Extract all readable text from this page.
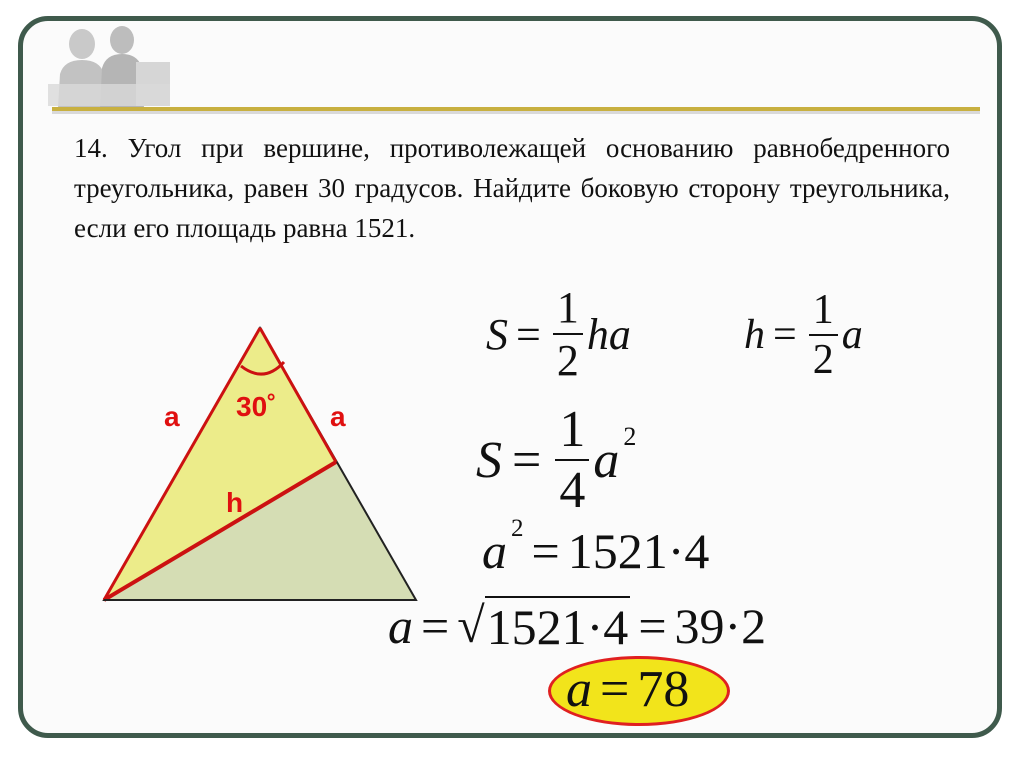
14. Угол при вершине, противолежащей основанию равнобедренного треугольника, равен 30 градусов. Найдите боковую сторону треугольника, если его площадь равна 1521.

30˚
a	a
h
$S = \frac{1}{2}$ ha	$h = \frac{1}{2}$ a
$S = \frac{1}{4}$ a 2
a 2 = 1521·4
a = √ 1521·4 = 39·2
a = 78
